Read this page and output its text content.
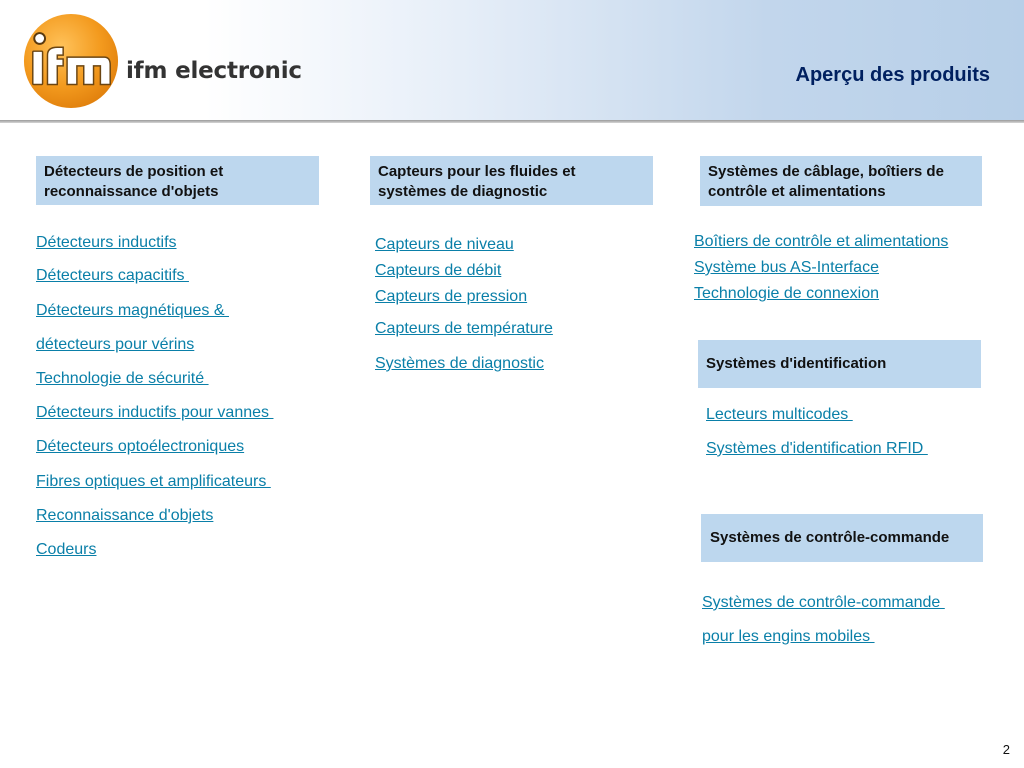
ifm electronic	Aperçu des produits
Détecteurs de position et reconnaissance d'objets
Détecteurs inductifs
Détecteurs capacitifs
Détecteurs magnétiques &
détecteurs pour vérins
Technologie de sécurité
Détecteurs inductifs pour vannes
Détecteurs optoélectroniques
Fibres optiques et amplificateurs
Reconnaissance d'objets
Codeurs
Capteurs pour les fluides et systèmes de diagnostic
Capteurs de niveau
Capteurs de débit
Capteurs de pression
Capteurs de température
Systèmes de diagnostic
Systèmes de câblage, boîtiers de contrôle et alimentations
Boîtiers de contrôle et alimentations
Système bus AS-Interface
Technologie de connexion
Systèmes d'identification
Lecteurs multicodes
Systèmes d'identification RFID
Systèmes de contrôle-commande
Systèmes de contrôle-commande
pour les engins mobiles
2
